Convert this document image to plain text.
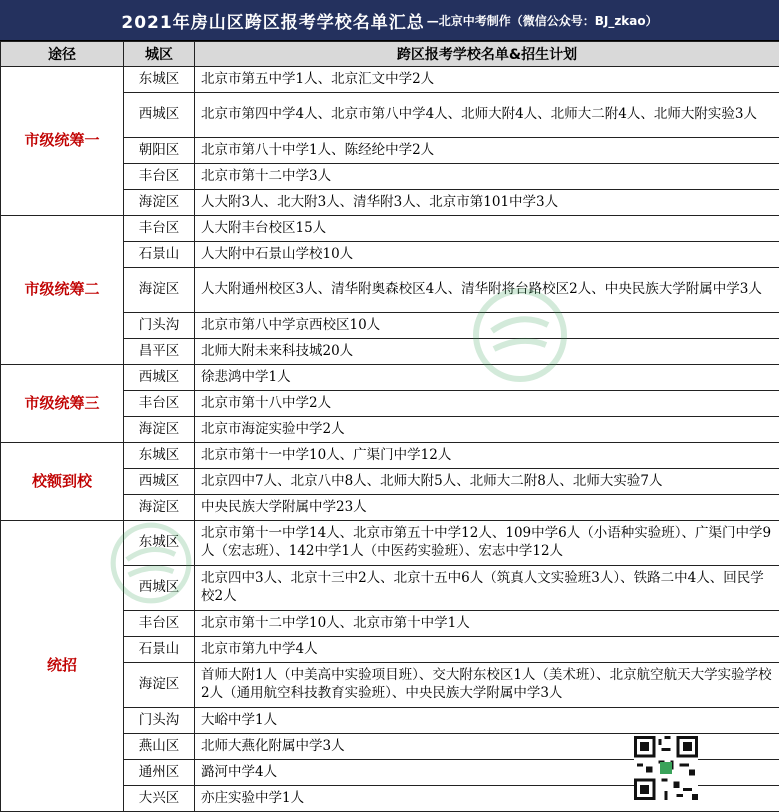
2021年房山区跨区报考学校名单汇总 —北京中考制作（微信公众号：BJ_zkao）
途径	城区	跨区报考学校名单&招生计划
市级统筹一	东城区	北京市第五中学1人、北京汇文中学2人
	西城区	北京市第四中学4人、北京市第八中学4人、北师大附4人、北师大二附4人、北师大附实验3人
	朝阳区	北京市第八十中学1人、陈经纶中学2人
	丰台区	北京市第十二中学3人
	海淀区	人大附3人、北大附3人、清华附3人、北京市第101中学3人
市级统筹二	丰台区	人大附丰台校区15人
	石景山	人大附中石景山学校10人
	海淀区	人大附通州校区3人、清华附奥森校区4人、清华附将台路校区2人、中央民族大学附属中学3人
	门头沟	北京市第八中学京西校区10人
	昌平区	北师大附未来科技城20人
市级统筹三	西城区	徐悲鸿中学1人
	丰台区	北京市第十八中学2人
	海淀区	北京市海淀实验中学2人
校额到校	东城区	北京市第十一中学10人、广渠门中学12人
	西城区	北京四中7人、北京八中8人、北师大附5人、北师大二附8人、北师大实验7人
	海淀区	中央民族大学附属中学23人
统招	东城区	北京市第十一中学14人、北京市第五十中学12人、109中学6人（小语种实验班）、广渠门中学9人（宏志班）、142中学1人（中医药实验班）、宏志中学12人
	西城区	北京四中3人、北京十三中2人、北京十五中6人（筑真人文实验班3人）、铁路二中4人、回民学校2人
	丰台区	北京市第十二中学10人、北京市第十中学1人
	石景山	北京市第九中学4人
	海淀区	首师大附1人（中美高中实验项目班）、交大附东校区1人（美术班）、北京航空航天大学实验学校2人（通用航空科技教育实验班）、中央民族大学附属中学3人
	门头沟	大峪中学1人
	燕山区	北师大燕化附属中学3人
	通州区	潞河中学4人
	大兴区	亦庄实验中学1人
